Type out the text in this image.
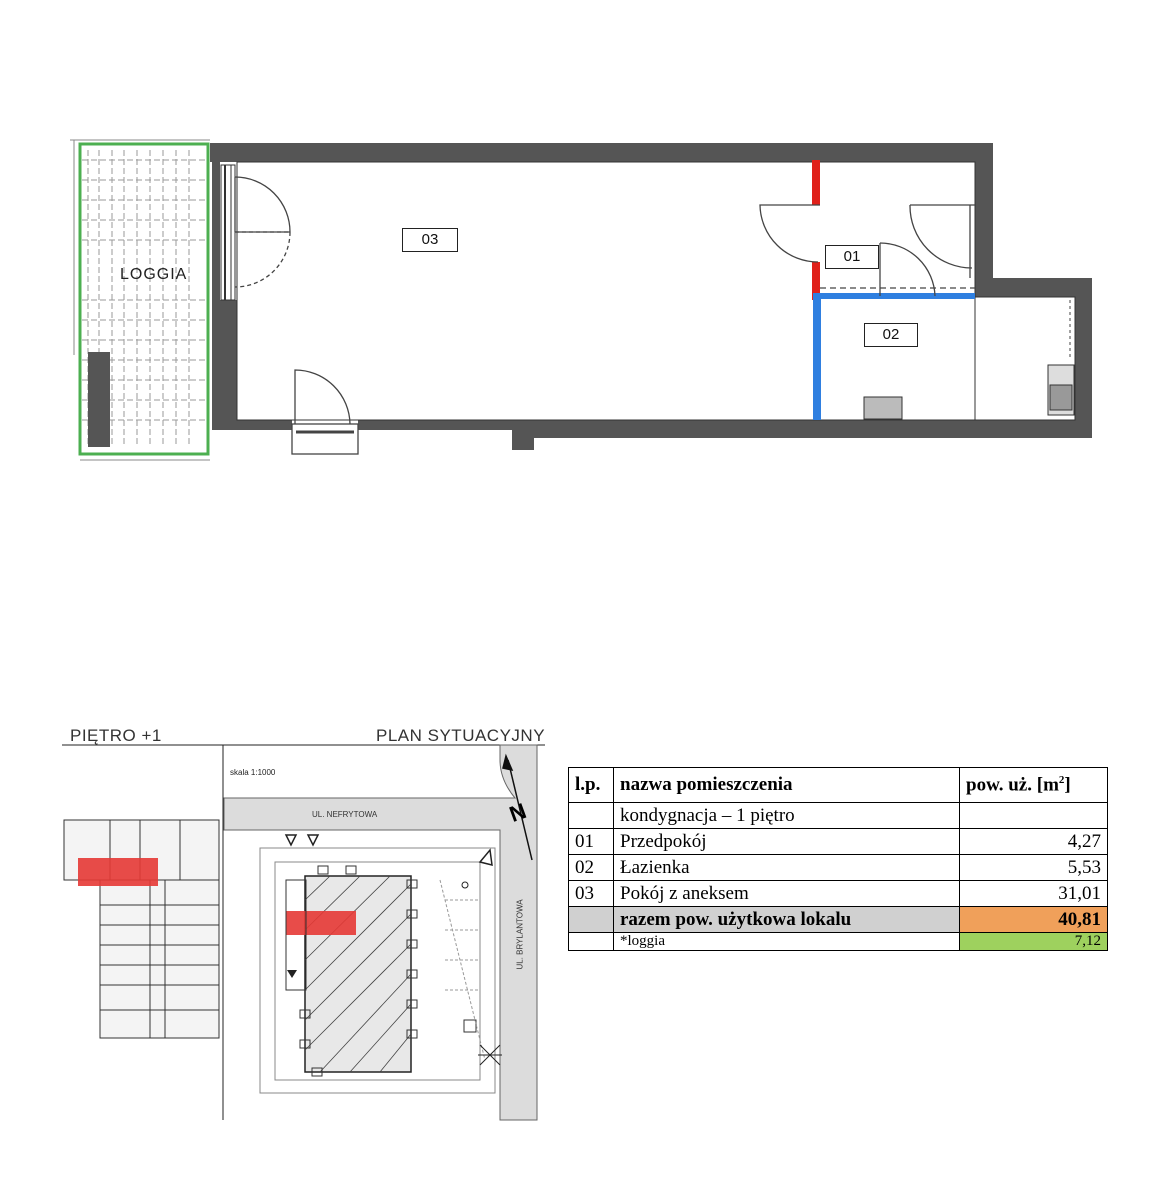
LOGGIA
03
01
02
PIĘTRO +1	PLAN SYTUACYJNY
skala 1:1000
UL. NEFRYTOWA
UL. BRYLANTOWA
N
l.p.	nazwa pomieszczenia	pow. uż. $[m^2]$
	kondygnacja – 1 piętro	
01	Przedpokój	4,27
02	Łazienka	5,53
03	Pokój z aneksem	31,01
	razem pow. użytkowa lokalu	40,81
	*loggia	7,12
